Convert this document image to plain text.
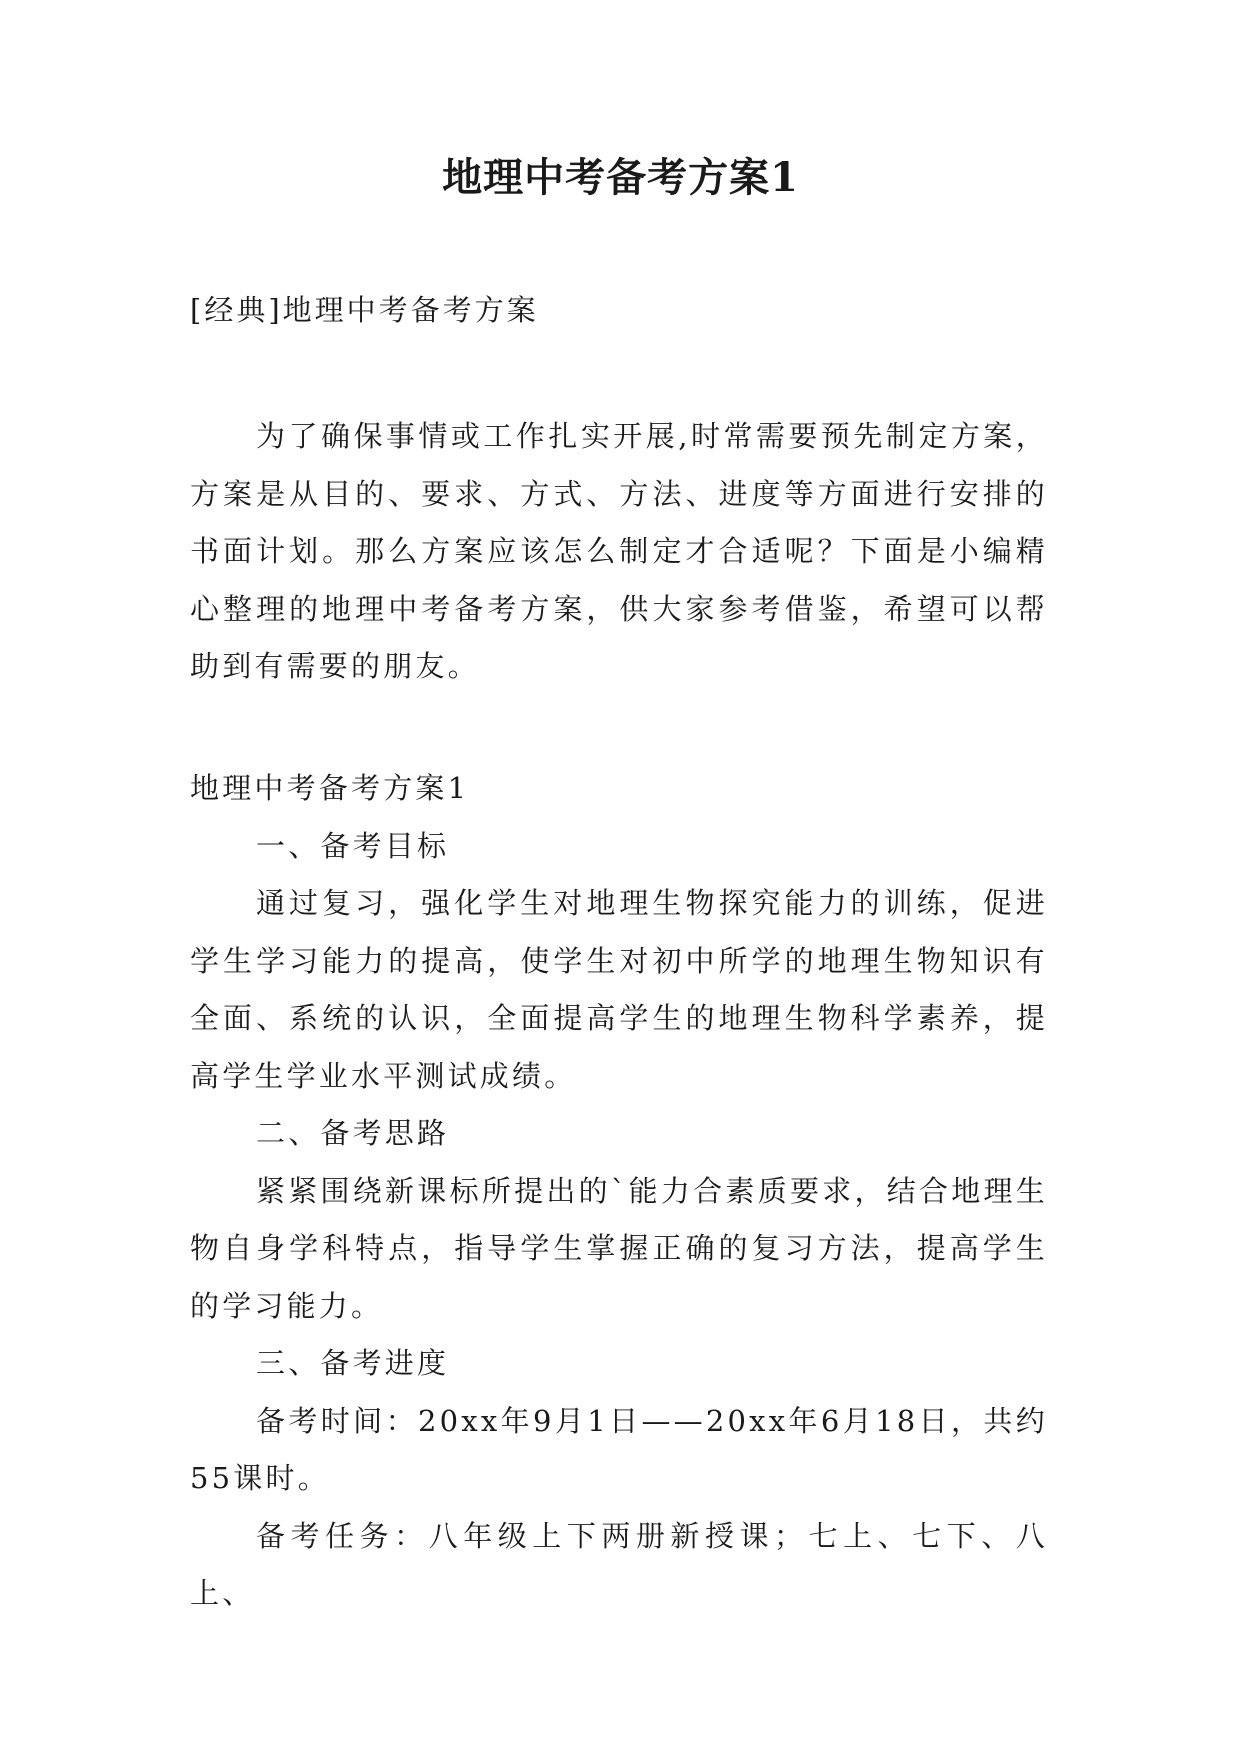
地理中考备考方案1

[经典]地理中考备考方案

为了确保事情或工作扎实开展,时常需要预先制定方案，方案是从目的、要求、方式、方法、进度等方面进行安排的书面计划。那么方案应该怎么制定才合适呢？下面是小编精心整理的地理中考备考方案，供大家参考借鉴，希望可以帮助到有需要的朋友。

地理中考备考方案1

一、备考目标

通过复习，强化学生对地理生物探究能力的训练，促进学生学习能力的提高，使学生对初中所学的地理生物知识有全面、系统的认识，全面提高学生的地理生物科学素养，提高学生学业水平测试成绩。

二、备考思路

紧紧围绕新课标所提出的`能力合素质要求，结合地理生物自身学科特点，指导学生掌握正确的复习方法，提高学生的学习能力。

三、备考进度

备考时间：20xx年9月1日——20xx年6月18日，共约55课时。

备考任务：八年级上下两册新授课；七上、七下、八上、
